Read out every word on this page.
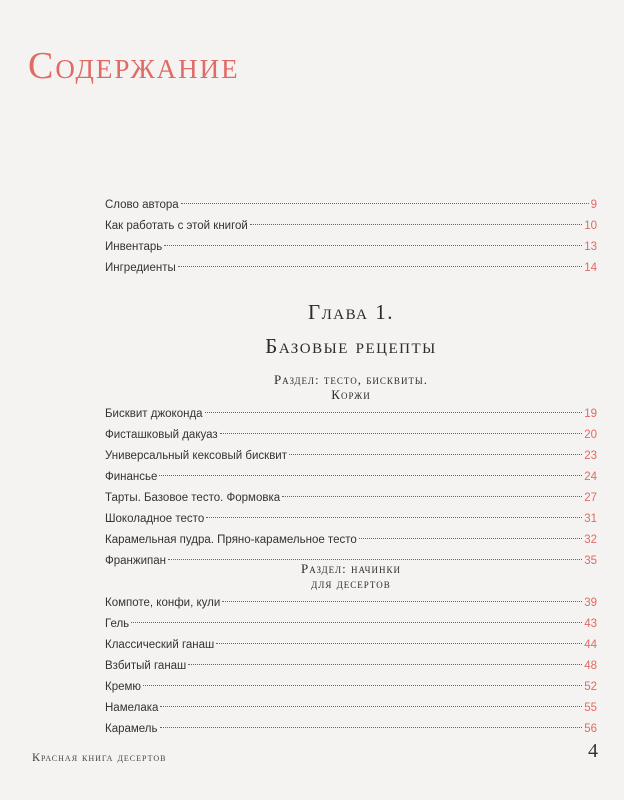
Содержание
Слово автора	9
Как работать с этой книгой	10
Инвентарь	13
Ингредиенты	14
Глава 1.
Базовые рецепты
Раздел: тесто, бисквиты.
Коржи
Бисквит джоконда	19
Фисташковый дакуаз	20
Универсальный кексовый бисквит	23
Финансье	24
Тарты. Базовое тесто. Формовка	27
Шоколадное тесто	31
Карамельная пудра. Пряно-карамельное тесто	32
Франжипан	35
Раздел: начинки
для десертов
Компоте, конфи, кули	39
Гель	43
Классический ганаш	44
Взбитый ганаш	48
Кремю	52
Намелака	55
Карамель	56
Красная книга десертов	4
